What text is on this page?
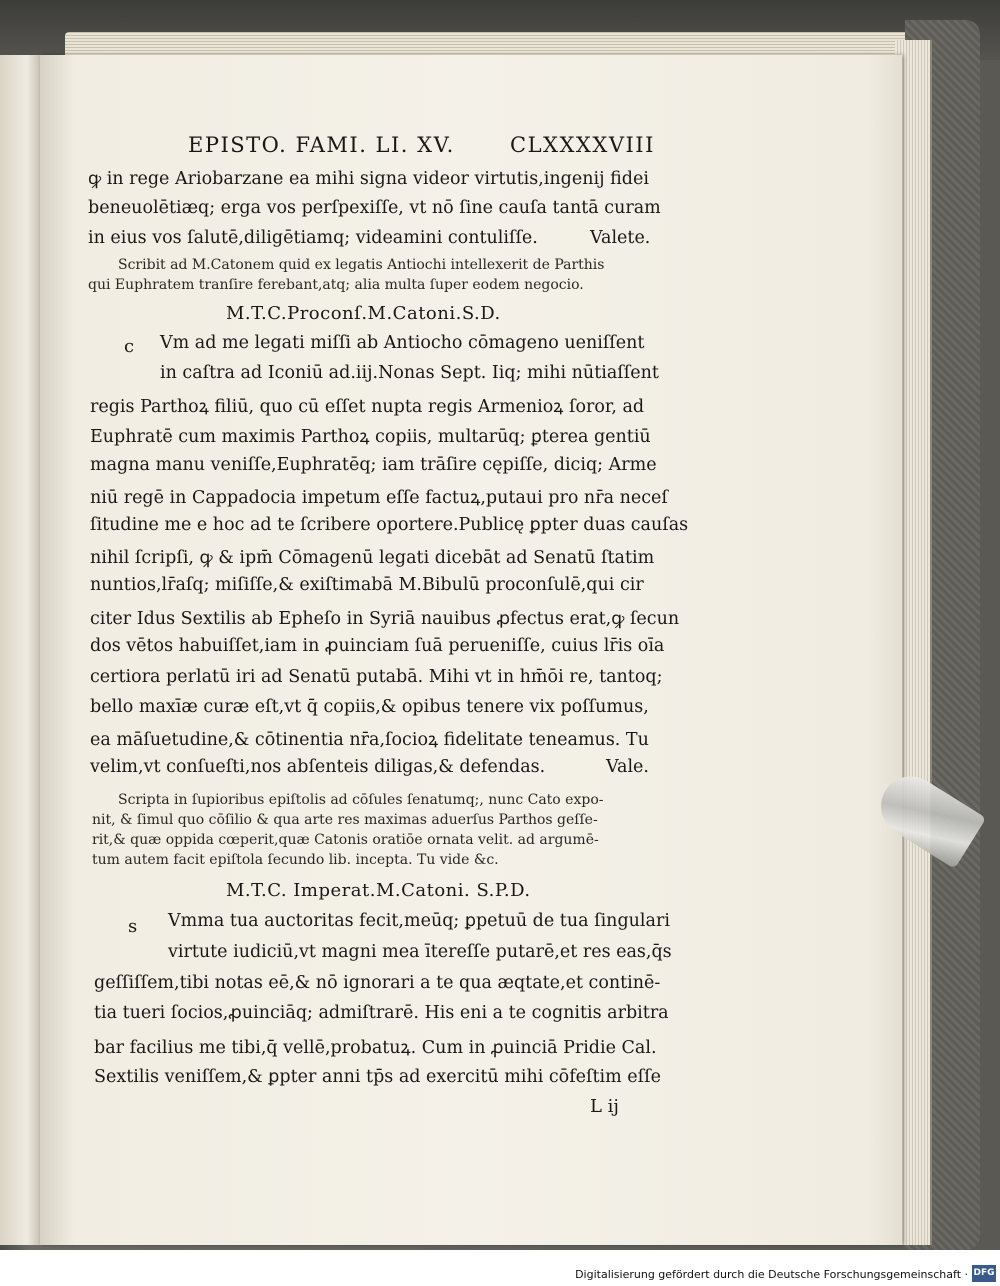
EPISTO. FAMI. LI. XV.	CLXXXXVIII
ꝙ in rege Ariobarzane ea mihi signa videor virtutis,ingenij fidei
beneuolētiæq; erga vos perſpexiſſe, vt nō ſine cauſa tantā curam
in eius vos ſalutē,diligētiamq; videamini contuliſſe.	Valete.
Scribit ad M.Catonem quid ex legatis Antiochi intellexerit de Parthis
qui Euphratem tranſire ferebant,atq; alia multa ſuper eodem negocio.
M.T.C.Proconſ.M.Catoni.S.D.
c Vm ad me legati miſſi ab Antiocho cōmageno ueniſſent
in caſtra ad Iconiū ad.iij.Nonas Sept. Iiq; mihi nūtiaſſent
regis Parthoꝝ filiū, quo cū eſſet nupta regis Armenioꝝ ſoror, ad
Euphratē cum maximis Parthoꝝ copiis, multarūq; ꝑterea gentiū
magna manu veniſſe,Euphratēq; iam trāſire cępiſſe, diciq; Arme
niū regē in Cappadocia impetum eſſe factuꝝ,putaui pro nr̄a neceſ
ſitudine me e hoc ad te ſcribere oportere.Publicę ꝑpter duas cauſas
nihil ſcripſi, ꝙ & ipm̄ Cōmagenū legati dicebāt ad Senatū ſtatim
nuntios,lr̄aſq; miſiſſe,& exiſtimabā M.Bibulū proconſulē,qui cir
citer Idus Sextilis ab Epheſo in Syriā nauibus ꝓfectus erat,ꝙ ſecun
dos vētos habuiſſet,iam in ꝓuinciam ſuā perueniſſe, cuius lr̄is oīa
certiora perlatū iri ad Senatū putabā. Mihi vt in hm̄ōi re, tantoq;
bello maxīæ curæ eſt,vt q̄ copiis,& opibus tenere vix poſſumus,
ea māſuetudine,& cōtinentia nr̄a,ſocioꝝ fidelitate teneamus. Tu
velim,vt conſueſti,nos abſenteis diligas,& defendas.	Vale.
Scripta in ſupioribus epiſtolis ad cōſules ſenatumq;, nunc Cato expo-
nit, & ſimul quo cōſilio & qua arte res maximas aduerſus Parthos geſſe-
rit,& quæ oppida cœperit,quæ Catonis oratiōe ornata velit. ad argumē-
tum autem facit epiſtola ſecundo lib. incepta. Tu vide &c.
M.T.C. Imperat.M.Catoni. S.P.D.
s Vmma tua auctoritas fecit,meūq; ꝑpetuū de tua ſingulari
virtute iudiciū,vt magni mea ītereſſe putarē,et res eas,q̄s
geſſiſſem,tibi notas eē,& nō ignorari a te qua æqtate,et continē-
tia tueri ſocios,ꝓuinciāq; admiſtrarē. His eni a te cognitis arbitra
bar facilius me tibi,q̄ vellē,probatuꝝ. Cum in ꝓuinciā Pridie Cal.
Sextilis veniſſem,& ꝑpter anni tp̄s ad exercitū mihi cōfeſtim eſſe
L ij
Digitalisierung gefördert durch die Deutsche Forschungsgemeinschaft · DFG
